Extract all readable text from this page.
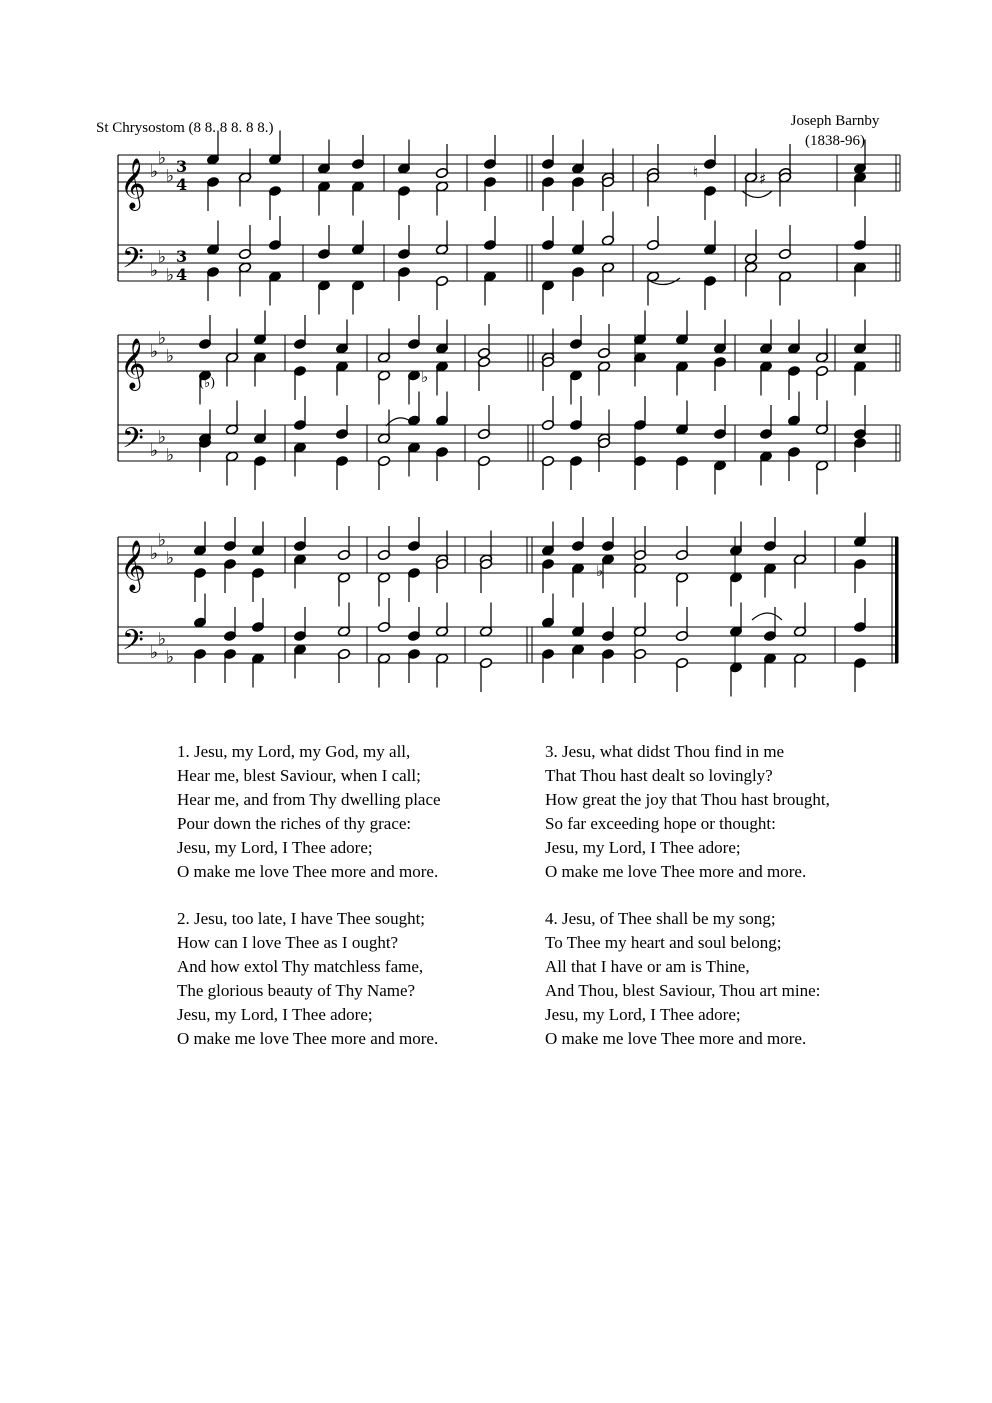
St Chrysostom (8 8. 8 8. 8 8.)	Joseph Barnby
(1838-96)
𝄞
𝄢
♭
♭
♭
♭
♭
♭
3
4
3
4
𝄞
𝄢
♭
♭
♭
♭
♭
♭
𝄞
𝄢
♭
♭
♭
♭
♭
♭
♮	♯
(♭)	♭
♭
1. Jesu, my Lord, my God, my all,
Hear me, blest Saviour, when I call;
Hear me, and from Thy dwelling place
Pour down the riches of thy grace:
Jesu, my Lord, I Thee adore;
O make me love Thee more and more.
2. Jesu, too late, I have Thee sought;
How can I love Thee as I ought?
And how extol Thy matchless fame,
The glorious beauty of Thy Name?
Jesu, my Lord, I Thee adore;
O make me love Thee more and more.
3. Jesu, what didst Thou find in me
That Thou hast dealt so lovingly?
How great the joy that Thou hast brought,
So far exceeding hope or thought:
Jesu, my Lord, I Thee adore;
O make me love Thee more and more.
4. Jesu, of Thee shall be my song;
To Thee my heart and soul belong;
All that I have or am is Thine,
And Thou, blest Saviour, Thou art mine:
Jesu, my Lord, I Thee adore;
O make me love Thee more and more.
